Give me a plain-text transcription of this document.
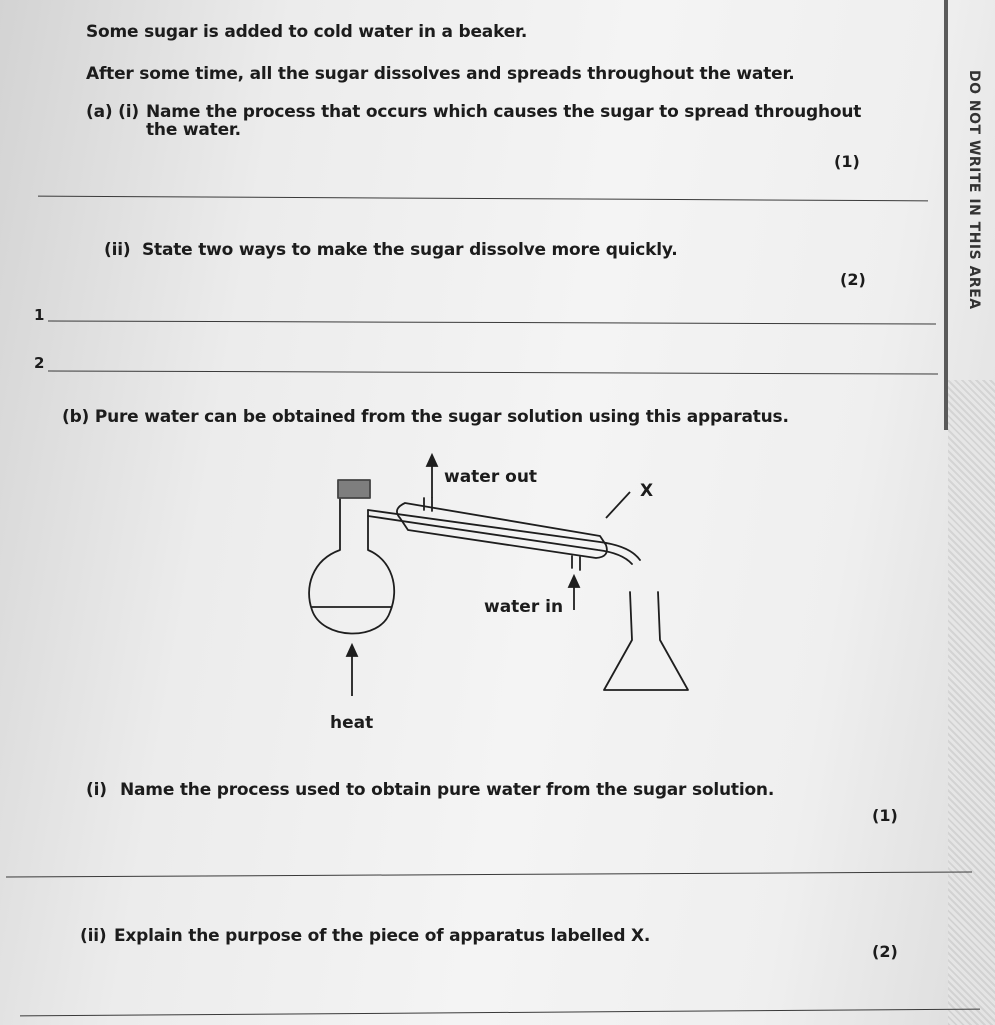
DO NOT WRITE IN THIS AREA
Some sugar is added to cold water in a beaker.
After some time, all the sugar dissolves and spreads throughout the water.
(a) (i) Name the process that occurs which causes the sugar to spread throughout
the water.
(1)
(ii) State two ways to make the sugar dissolve more quickly.
(2)
1
2
(b) Pure water can be obtained from the sugar solution using this apparatus.
water out
X
water in
heat
(i) Name the process used to obtain pure water from the sugar solution.
(1)
(ii) Explain the purpose of the piece of apparatus labelled X.
(2)
